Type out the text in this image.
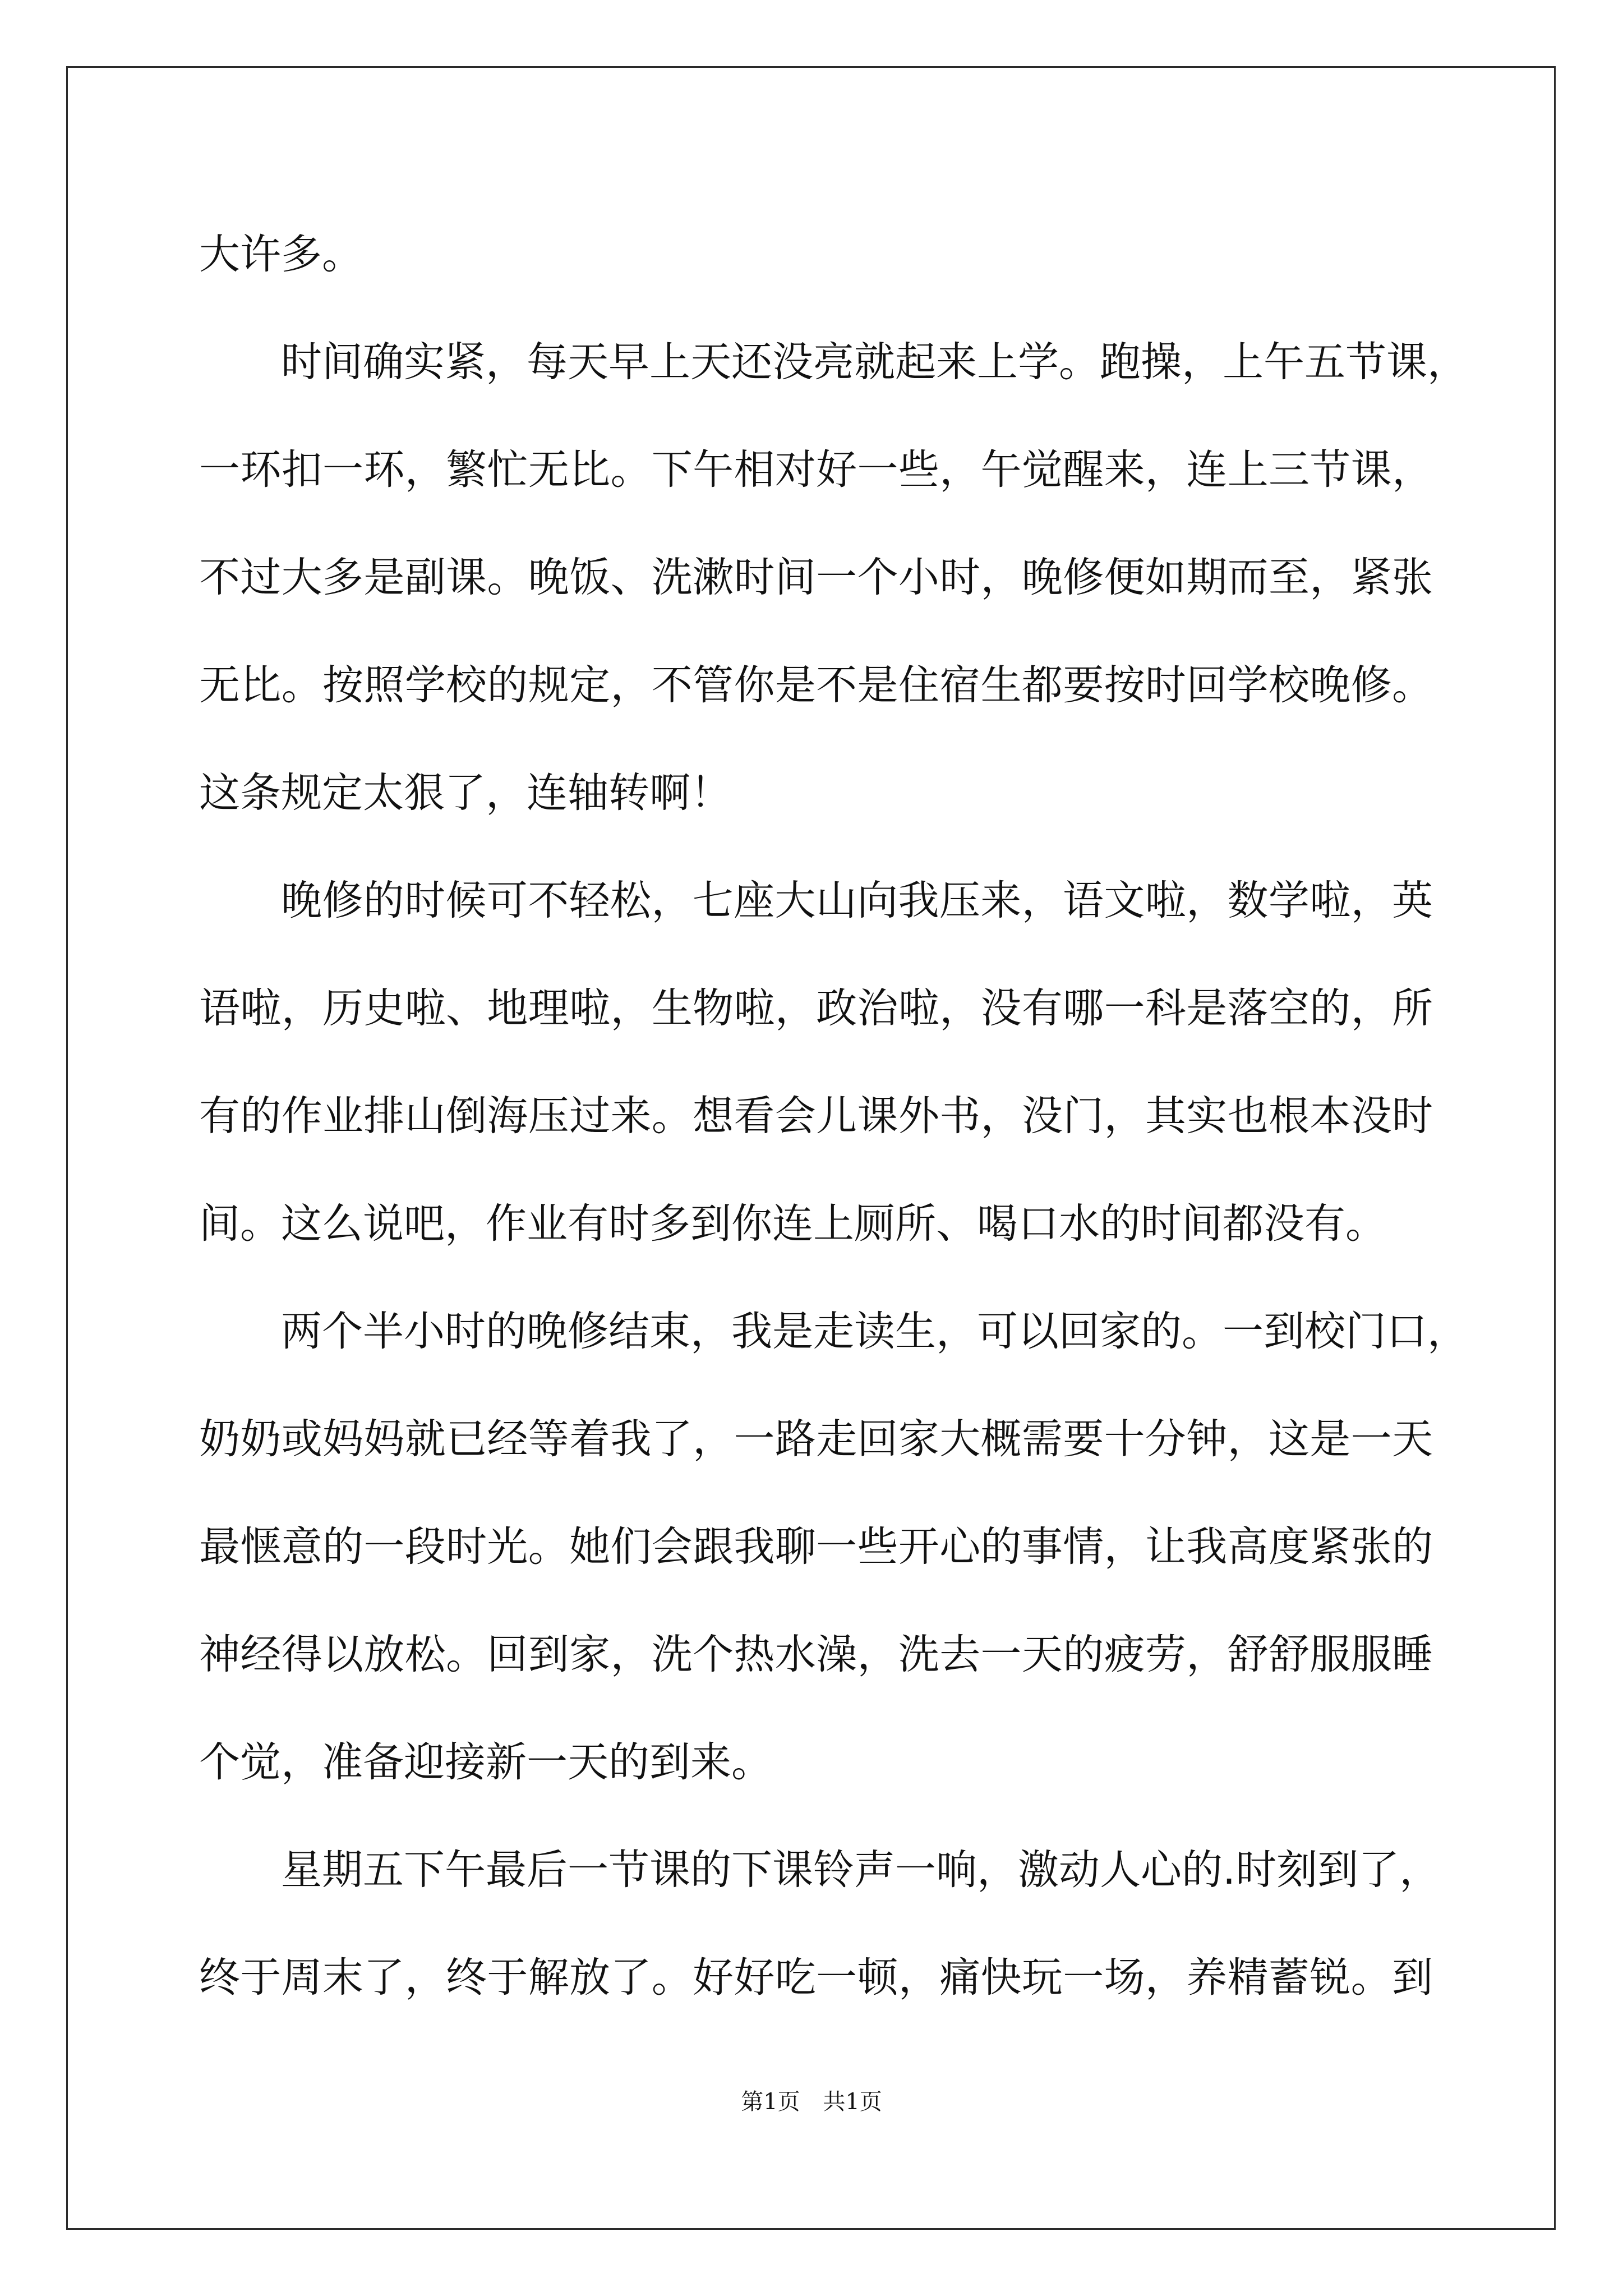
大许多。
时间确实紧，每天早上天还没亮就起来上学。跑操，上午五节课，
一环扣一环，繁忙无比。下午相对好一些，午觉醒来，连上三节课，
不过大多是副课。晚饭、洗漱时间一个小时，晚修便如期而至，紧张
无比。按照学校的规定，不管你是不是住宿生都要按时回学校晚修。
这条规定太狠了，连轴转啊！
晚修的时候可不轻松，七座大山向我压来，语文啦，数学啦，英
语啦，历史啦、地理啦，生物啦，政治啦，没有哪一科是落空的，所
有的作业排山倒海压过来。想看会儿课外书，没门，其实也根本没时
间。这么说吧，作业有时多到你连上厕所、喝口水的时间都没有。
两个半小时的晚修结束，我是走读生，可以回家的。一到校门口，
奶奶或妈妈就已经等着我了，一路走回家大概需要十分钟，这是一天
最惬意的一段时光。她们会跟我聊一些开心的事情，让我高度紧张的
神经得以放松。回到家，洗个热水澡，洗去一天的疲劳，舒舒服服睡
个觉，准备迎接新一天的到来。
星期五下午最后一节课的下课铃声一响，激动人心的.时刻到了，
终于周末了，终于解放了。好好吃一顿，痛快玩一场，养精蓄锐。到
第1页 共1页
